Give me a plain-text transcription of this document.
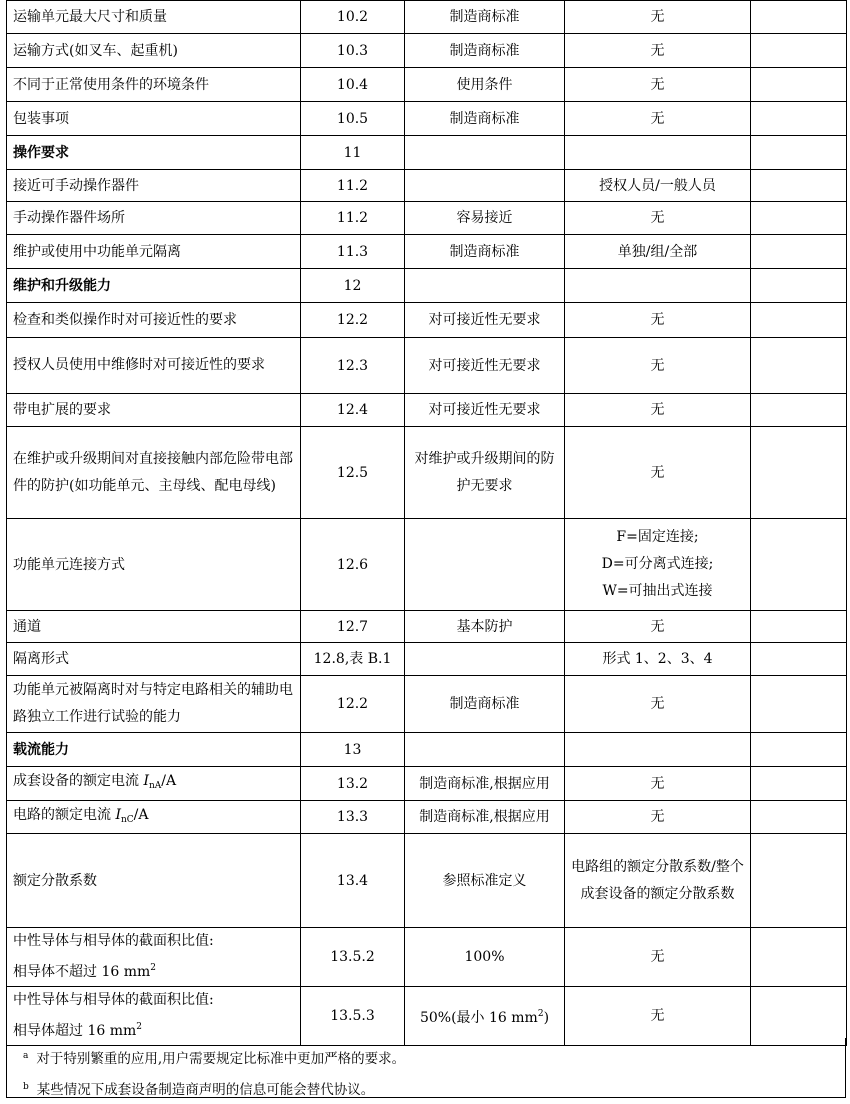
运输单元最大尺寸和质量	10.2	制造商标准	无	
运输方式(如叉车、起重机)	10.3	制造商标准	无	
不同于正常使用条件的环境条件	10.4	使用条件	无	
包装事项	10.5	制造商标准	无	
操作要求	11			
接近可手动操作器件	11.2		授权人员/一般人员	
手动操作器件场所	11.2	容易接近	无	
维护或使用中功能单元隔离	11.3	制造商标准	单独/组/全部	
维护和升级能力	12			
检查和类似操作时对可接近性的要求	12.2	对可接近性无要求	无	
授权人员使用中维修时对可接近性的要求	12.3	对可接近性无要求	无	
带电扩展的要求	12.4	对可接近性无要求	无	
在维护或升级期间对直接接触内部危险带电部件的防护(如功能单元、主母线、配电母线)	12.5	对维护或升级期间的防护无要求	无	
功能单元连接方式	12.6		F=固定连接;
D=可分离式连接;
W=可抽出式连接	

通道	12.7	基本防护	无	
隔离形式	12.8,表 B.1		形式 1、2、3、4	
功能单元被隔离时对与特定电路相关的辅助电路独立工作进行试验的能力	12.2	制造商标准	无	
载流能力	13			
成套设备的额定电流 $I_{nA}/A$	13.2	制造商标准,根据应用	无	
电路的额定电流 $I_{nC}/A$	13.3	制造商标准,根据应用	无	
额定分散系数	13.4	参照标准定义	电路组的额定分散系数/整个成套设备的额定分散系数	

中性导体与相导体的截面积比值:
相导体不超过 16 $mm^2$	13.5.2	100%	无	

中性导体与相导体的截面积比值:
相导体超过 16 $mm^2$	13.5.3	50%(最小 16 $mm^2$)	无	
$^a$ 对于特别繁重的应用,用户需要规定比标准中更加严格的要求。
$^b$ 某些情况下成套设备制造商声明的信息可能会替代协议。
